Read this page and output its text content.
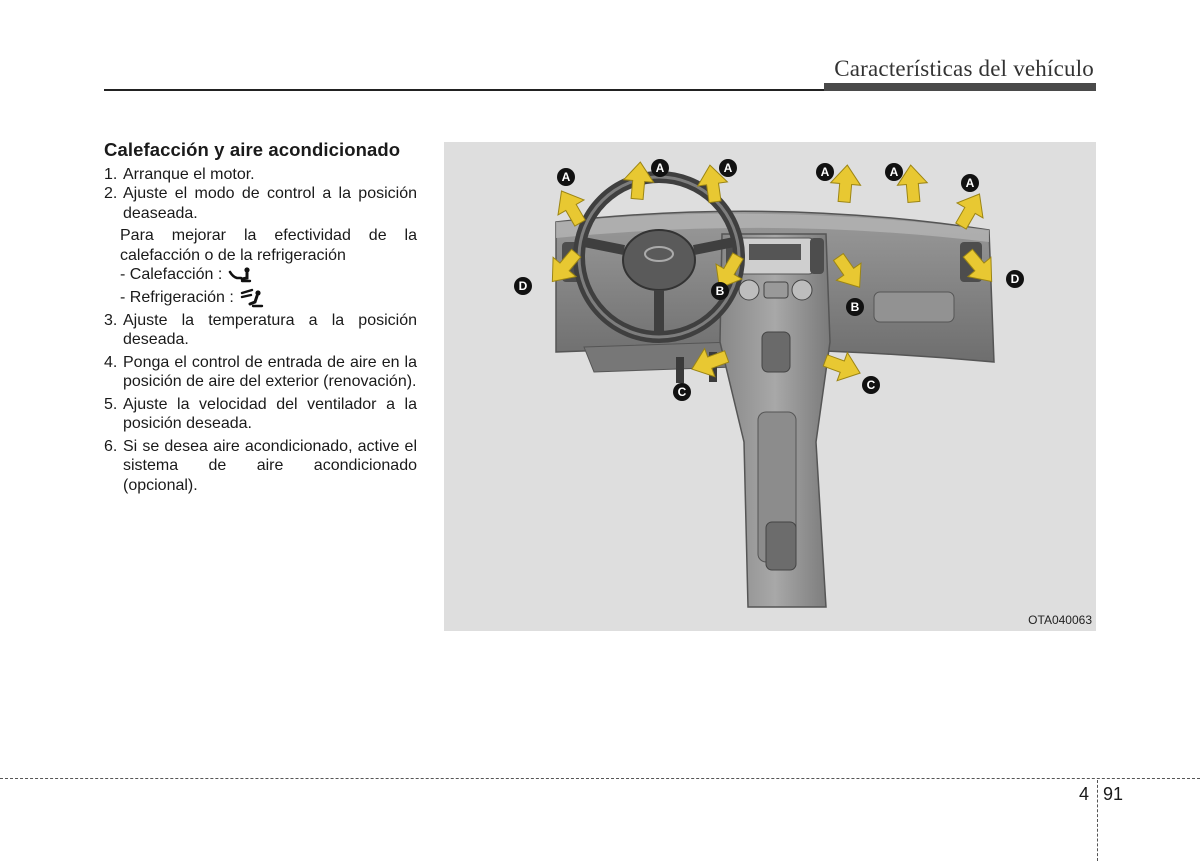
Características del vehículo
Calefacción y aire acondicionado
1. Arranque el motor.
2. Ajuste el modo de control a la posición deaseada.
Para mejorar la efectividad de la calefacción o de la refrigeración
- Calefacción :
- Refrigeración :
3. Ajuste la temperatura a la posición deseada.
4. Ponga el control de entrada de aire en la posición de aire del exterior (renovación).
5. Ajuste la velocidad del ventilador a la posición deseada.
6. Si se desea aire acondicionado, active el sistema de aire acondicionado (opcional).
A
A	A	A	A
A
B
B
C	C
D	D
OTA040063
4 91
